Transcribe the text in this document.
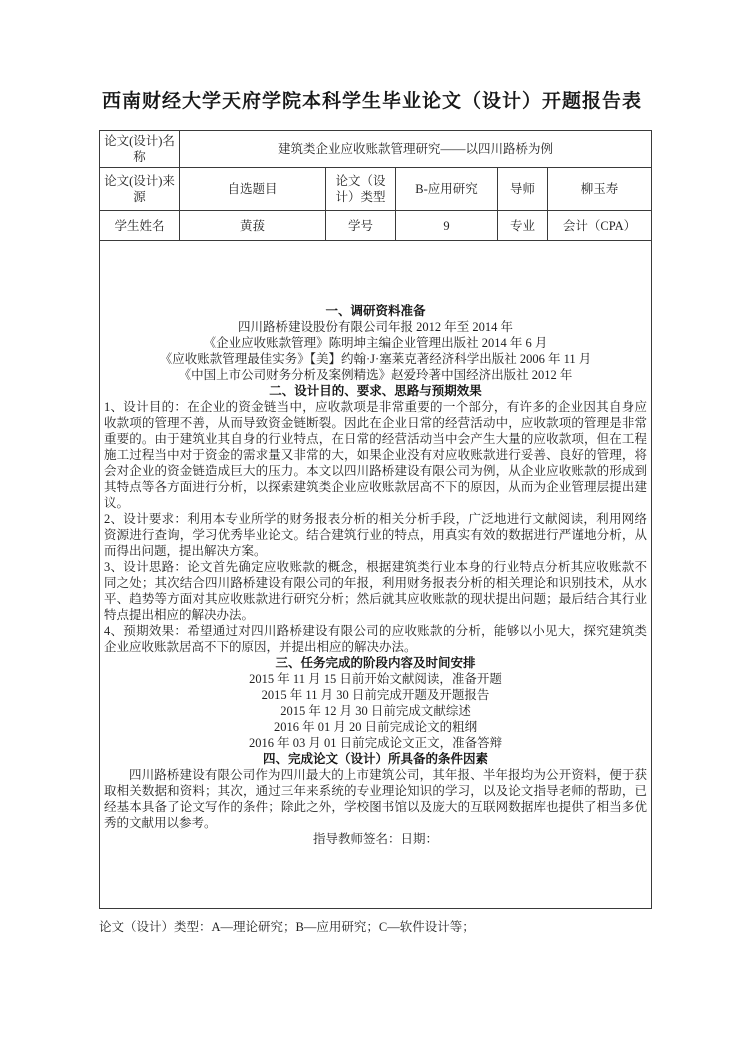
西南财经大学天府学院本科学生毕业论文（设计）开题报告表
论文(设计)名称	建筑类企业应收账款管理研究——以四川路桥为例				
论文(设计)来源	自选题目	论文（设计）类型	B-应用研究	导师	柳玉寿
学生姓名	黄菝	学号	9	专业	会计（CPA）

一、调研资料准备
四川路桥建设股份有限公司年报 2012 年至 2014 年
《企业应收账款管理》陈明坤主编企业管理出版社 2014 年 6 月
《应收账款管理最佳实务》【美】约翰·J·塞莱克著经济科学出版社 2006 年 11 月
《中国上市公司财务分析及案例精选》赵爱玲著中国经济出版社 2012 年
二、设计目的、要求、思路与预期效果

1、设计目的：在企业的资金链当中，应收款项是非常重要的一个部分，有许多的企业因其自身应收款项的管理不善，从而导致资金链断裂。因此在企业日常的经营活动中，应收款项的管理是非常重要的。由于建筑业其自身的行业特点，在日常的经营活动当中会产生大量的应收款项，但在工程施工过程当中对于资金的需求量又非常的大，如果企业没有对应收账款进行妥善、良好的管理，将会对企业的资金链造成巨大的压力。本文以四川路桥建设有限公司为例，从企业应收账款的形成到其特点等各方面进行分析，以探索建筑类企业应收账款居高不下的原因，从而为企业管理层提出建议。

2、设计要求：利用本专业所学的财务报表分析的相关分析手段，广泛地进行文献阅读，利用网络资源进行查询，学习优秀毕业论文。结合建筑行业的特点，用真实有效的数据进行严谨地分析，从而得出问题，提出解决方案。

3、设计思路：论文首先确定应收账款的概念，根据建筑类行业本身的行业特点分析其应收账款不同之处；其次结合四川路桥建设有限公司的年报，利用财务报表分析的相关理论和识别技术，从水平、趋势等方面对其应收账款进行研究分析；然后就其应收账款的现状提出问题；最后结合其行业特点提出相应的解决办法。

4、预期效果：希望通过对四川路桥建设有限公司的应收账款的分析，能够以小见大，探究建筑类企业应收账款居高不下的原因，并提出相应的解决办法。

三、任务完成的阶段内容及时间安排
2015 年 11 月 15 日前开始文献阅读，准备开题
2015 年 11 月 30 日前完成开题及开题报告
2015 年 12 月 30 日前完成文献综述
2016 年 01 月 20 日前完成论文的粗纲
2016 年 03 月 01 日前完成论文正文，准备答辩
四、完成论文（设计）所具备的条件因素

四川路桥建设有限公司作为四川最大的上市建筑公司，其年报、半年报均为公开资料，便于获取相关数据和资料；其次，通过三年来系统的专业理论知识的学习，以及论文指导老师的帮助，已经基本具备了论文写作的条件；除此之外，学校图书馆以及庞大的互联网数据库也提供了相当多优秀的文献用以参考。

指导教师签名：日期：
论文（设计）类型：A—理论研究；B—应用研究；C—软件设计等；
